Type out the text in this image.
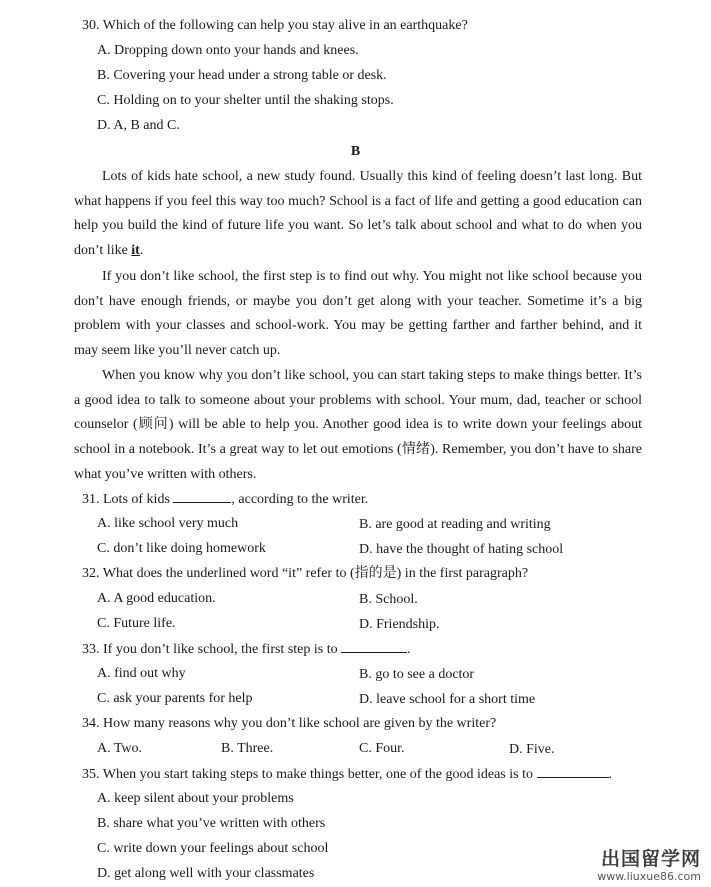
30. Which of the following can help you stay alive in an earthquake?
A. Dropping down onto your hands and knees.
B. Covering your head under a strong table or desk.
C. Holding on to your shelter until the shaking stops.
D. A, B and C.
B
Lots of kids hate school, a new study found. Usually this kind of feeling doesn’t last long. But what happens if you feel this way too much? School is a fact of life and getting a good education can help you build the kind of future life you want. So let’s talk about school and what to do when you don’t like it.
If you don’t like school, the first step is to find out why. You might not like school because you don’t have enough friends, or maybe you don’t get along with your teacher. Sometime it’s a big problem with your classes and school-work. You may be getting farther and farther behind, and it may seem like you’ll never catch up.
When you know why you don’t like school, you can start taking steps to make things better. It’s a good idea to talk to someone about your problems with school. Your mum, dad, teacher or school counselor (顾问) will be able to help you. Another good idea is to write down your feelings about school in a notebook. It’s a great way to let out emotions (情绪). Remember, you don’t have to share what you’ve written with others.
31. Lots of kids	, according to the writer.
A. like school very much	B. are good at reading and writing
C. don’t like doing homework	D. have the thought of hating school
32. What does the underlined word “it” refer to (指的是) in the first paragraph?
A. A good education.	B. School.
C. Future life.	D. Friendship.
33. If you don’t like school, the first step is to	.
A. find out why	B. go to see a doctor
C. ask your parents for help	D. leave school for a short time
34. How many reasons why you don’t like school are given by the writer?
A. Two.	B. Three.	C. Four.	D. Five.
35. When you start taking steps to make things better, one of the good ideas is to	.
A. keep silent about your problems
B. share what you’ve written with others
C. write down your feelings about school
D. get along well with your classmates
出国留学网
www.liuxue86.com
